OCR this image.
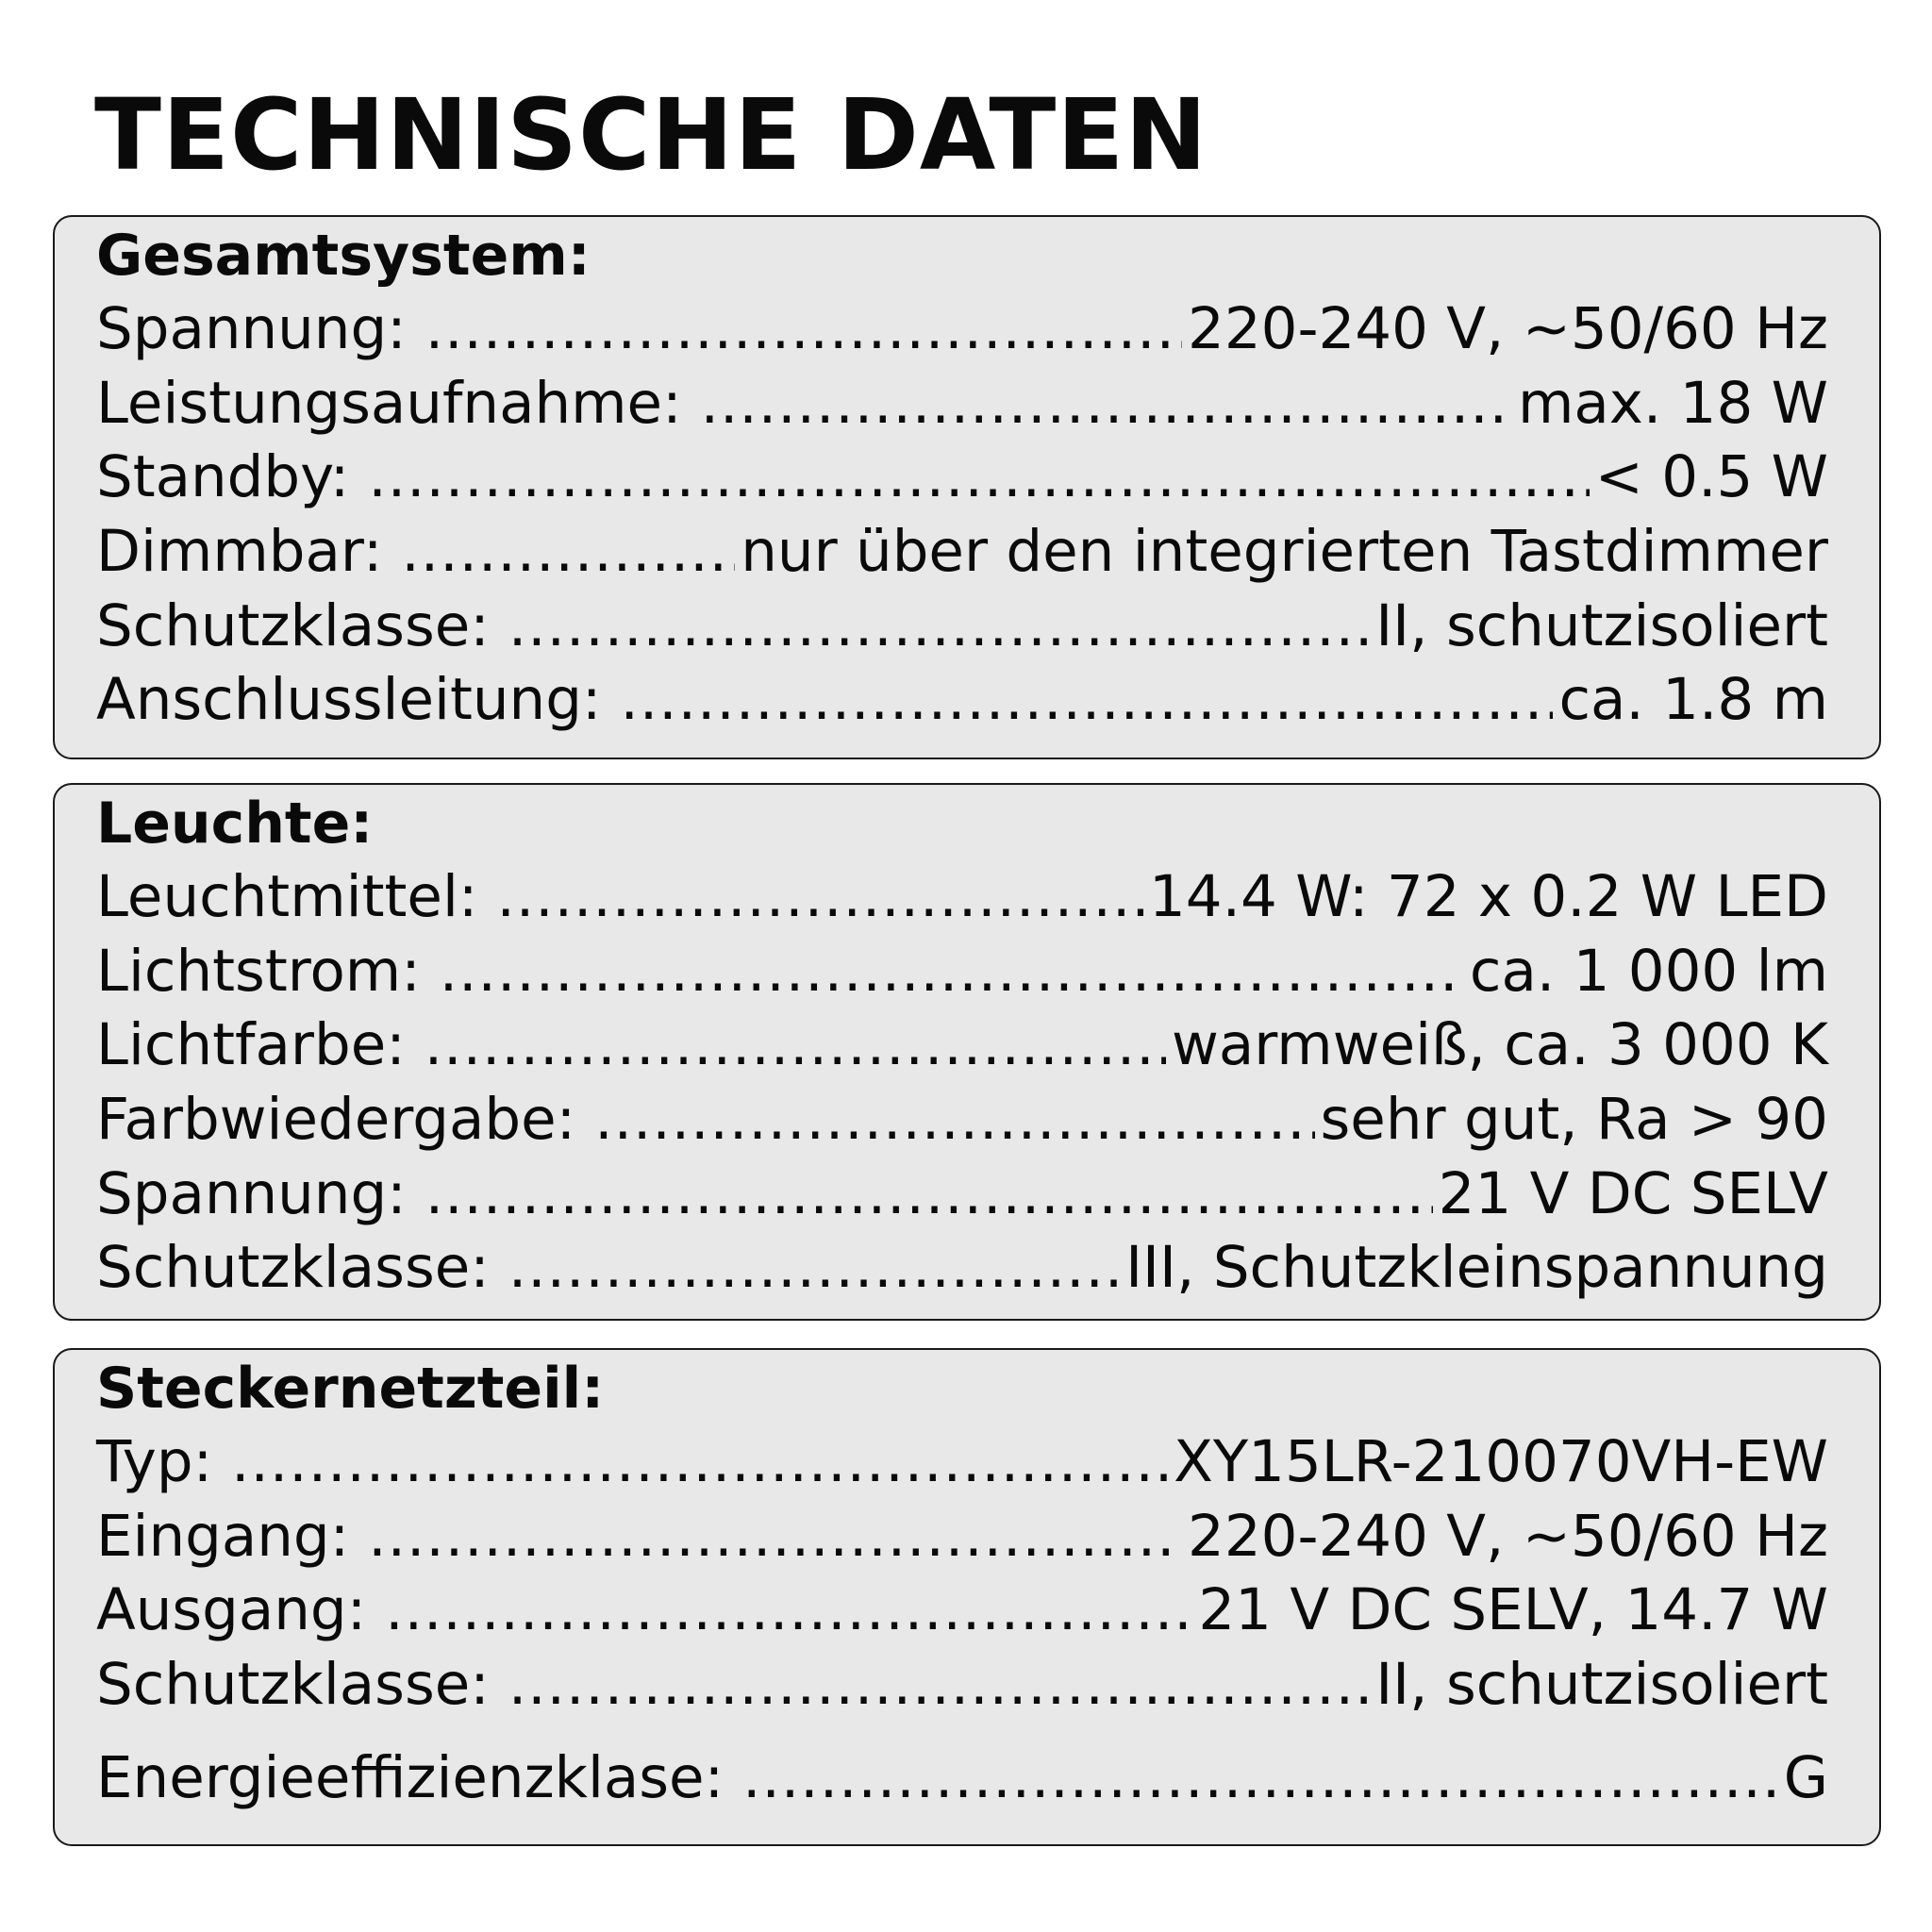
TECHNISCHE DATEN
Gesamtsystem:
Spannung: .....	220-240 V, ~50/60 Hz
Leistungsaufnahme: .....	max. 18 W
Standby: .....	< 0.5 W
Dimmbar: .....	nur über den integrierten Tastdimmer
Schutzklasse: .....	II, schutzisoliert
Anschlussleitung: .....	ca. 1.8 m
Leuchte:
Leuchtmittel: .....	14.4 W: 72 x 0.2 W LED
Lichtstrom: .....	ca. 1 000 lm
Lichtfarbe: .....	warmweiß, ca. 3 000 K
Farbwiedergabe: .....	sehr gut, Ra > 90
Spannung: .....	21 V DC SELV
Schutzklasse: .....	III, Schutzkleinspannung
Steckernetzteil:
Typ: .....	XY15LR-210070VH-EW
Eingang: .....	220-240 V, ~50/60 Hz
Ausgang: .....	21 V DC SELV, 14.7 W
Schutzklasse: .....	II, schutzisoliert
Energieeffizienzklase: .....	G
